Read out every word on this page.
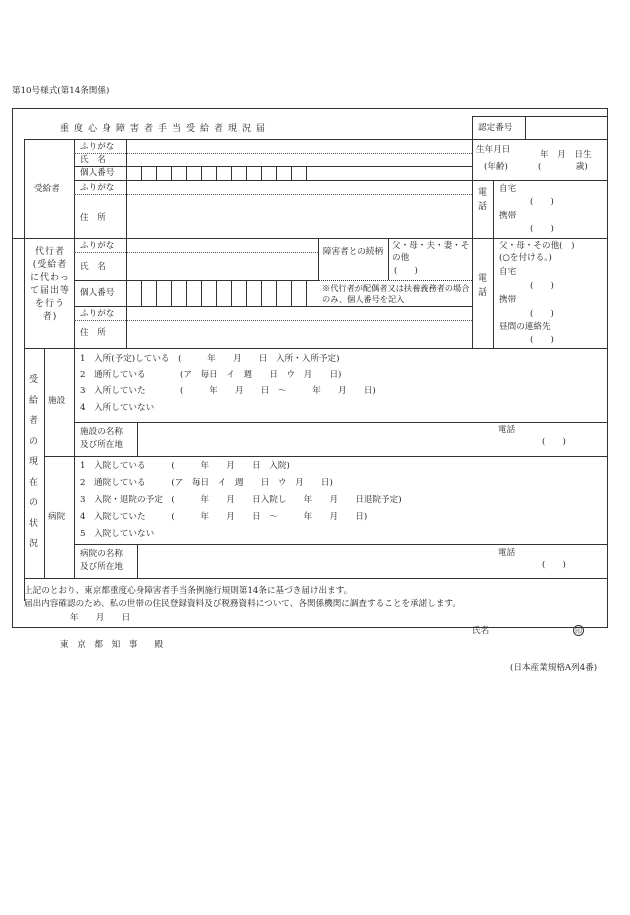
第10号様式(第14条関係)
重度心身障害者手当受給者現況届	認定番号
受給者
ふりがな
氏　名
個人番号
ふりがな
住　所
生年月日
(年齢)
年　月　日生
(　　　　歳)
電話
自宅
(　　)
携帯
(　　)
代行者(受給者に代わって届出等を行う者)
ふりがな
氏　名
個人番号
ふりがな
住　所
障害者との続柄
父・母・夫・妻・その他
(　　)
※代行者が配偶者又は扶養義務者の場合のみ、個人番号を記入
電話
父・母・その他(　)
(○を付ける。)
自宅
(　　)
携帯
(　　)
昼間の連絡先
(　　)
受給者の現在の状況
施設
1　入所(予定)している　(　　　年　　月　　日　入所・入所予定)
2　通所している　　　　(ア　毎日　イ　週　　日　ウ　月　　日)
3　入所していた　　　　(　　　年　　月　　日　～　　　年　　月　　日)
4　入所していない
施設の名称
及び所在地
電話
(　　)
病院
1　入院している　　　(　　　年　　月　　日　入院)
2　通院している　　　(ア　毎日　イ　週　　日　ウ　月　　日)
3　入院・退院の予定　(　　　年　　月　　日入院し　　年　　月　　日退院予定)
4　入院していた　　　(　　　年　　月　　日　～　　　年　　月　　日)
5　入院していない
病院の名称
及び所在地
電話
(　　)
上記のとおり、東京都重度心身障害者手当条例施行規則第14条に基づき届け出ます。
届出内容確認のため、私の世帯の住民登録資料及び税務資料について、各関係機関に調査することを承諾します。
年　　月　　日
氏名	印
東　京　都　知　事　　殿
(日本産業規格A列4番)
